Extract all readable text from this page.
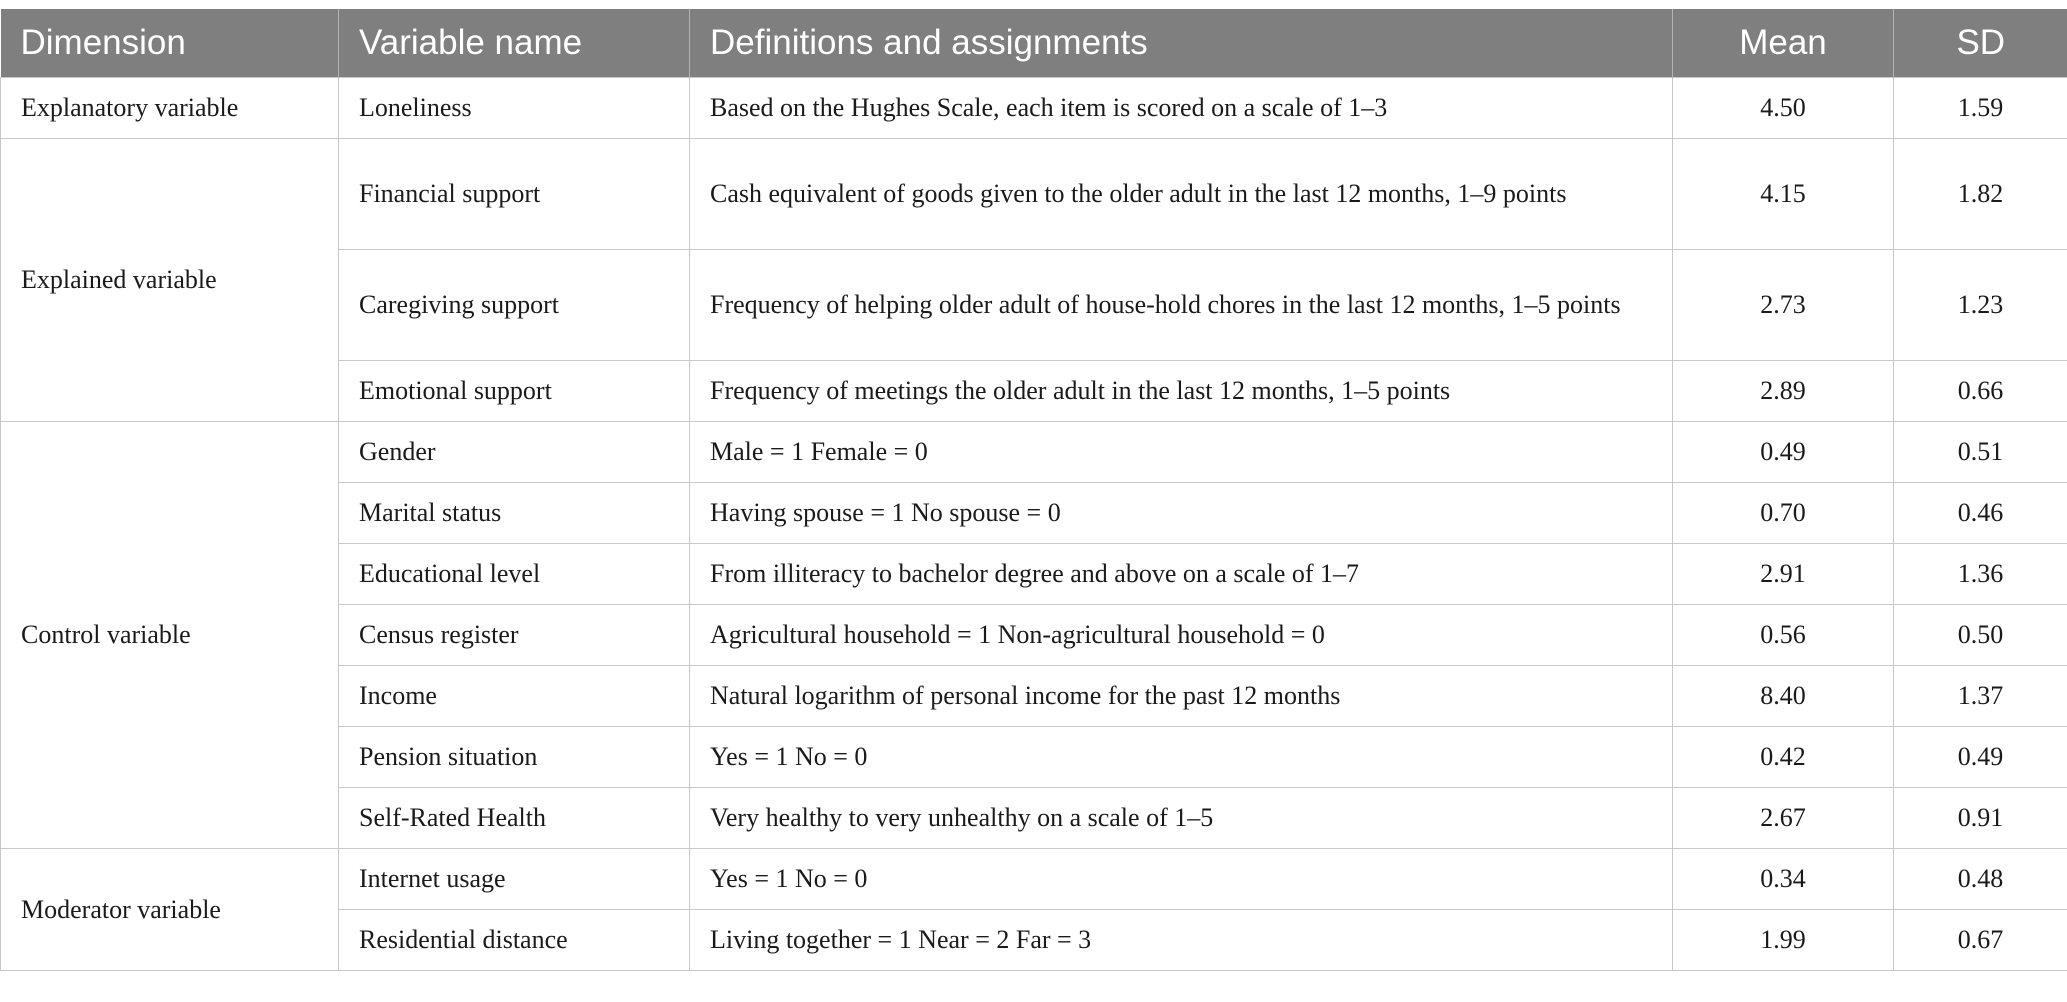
Dimension	Variable name	Definitions and assignments	Mean	SD
Explanatory variable	Loneliness	Based on the Hughes Scale, each item is scored on a scale of 1–3	4.50	1.59
Explained variable	Financial support	Cash equivalent of goods given to the older adult in the last 12 months, 1–9 points	4.15	1.82
	Caregiving support	Frequency of helping older adult of house-hold chores in the last 12 months, 1–5 points	2.73	1.23
	Emotional support	Frequency of meetings the older adult in the last 12 months, 1–5 points	2.89	0.66
Control variable	Gender	Male = 1 Female = 0	0.49	0.51
	Marital status	Having spouse = 1 No spouse = 0	0.70	0.46
	Educational level	From illiteracy to bachelor degree and above on a scale of 1–7	2.91	1.36
	Census register	Agricultural household = 1 Non-agricultural household = 0	0.56	0.50
	Income	Natural logarithm of personal income for the past 12 months	8.40	1.37
	Pension situation	Yes = 1 No = 0	0.42	0.49
	Self-Rated Health	Very healthy to very unhealthy on a scale of 1–5	2.67	0.91
Moderator variable	Internet usage	Yes = 1 No = 0	0.34	0.48
	Residential distance	Living together = 1 Near = 2 Far = 3	1.99	0.67
